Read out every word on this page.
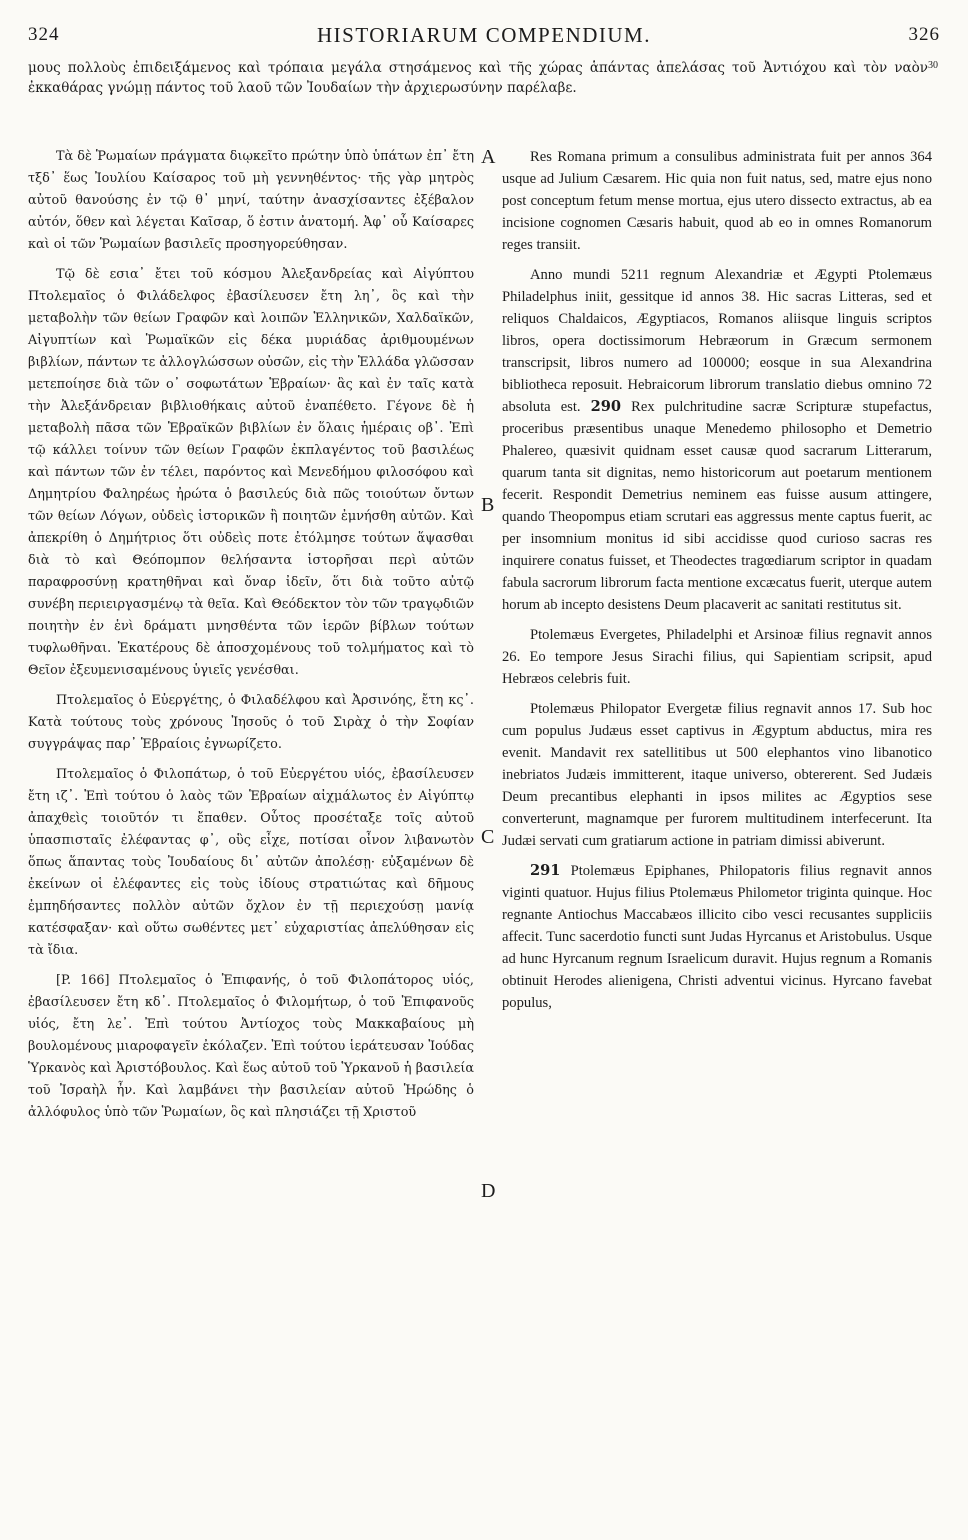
324	HISTORIARUM COMPENDIUM.	326
μους πολλοὺς ἐπιδειξάμενος καὶ τρόπαια μεγάλα στησάμενος καὶ τῆς χώρας ἁπάντας ἀπελάσας τοῦ Ἀντιόχου καὶ τὸν ναὸν ἐκκαθάρας γνώμῃ πάντος τοῦ λαοῦ τῶν Ἰουδαίων τὴν ἀρχιερωσύνην παρέλαβε.
30
A
B
C
D

Τὰ δὲ Ῥωμαίων πράγματα διῳκεῖτο πρώτην ὑπὸ ὑπάτων ἐπ᾽ ἔτη τξδ᾽ ἕως Ἰουλίου Καίσαρος τοῦ μὴ γεννηθέντος· τῆς γὰρ μητρὸς αὐτοῦ θανούσης ἐν τῷ θ᾽ μηνί, ταύτην ἀνασχίσαντες ἐξέβαλον αὐτόν, ὅθεν καὶ λέγεται Καῖσαρ, ὅ ἐστιν ἀνατομή. Ἀφ᾽ οὗ Καίσαρες καὶ οἱ τῶν Ῥωμαίων βασιλεῖς προσηγορεύθησαν.

Τῷ δὲ εσια᾽ ἔτει τοῦ κόσμου Ἀλεξανδρείας καὶ Αἰγύπτου Πτολεμαῖος ὁ Φιλάδελφος ἐβασίλευσεν ἔτη λη᾽, ὃς καὶ τὴν μεταβολὴν τῶν θείων Γραφῶν καὶ λοιπῶν Ἑλληνικῶν, Χαλδαϊκῶν, Αἰγυπτίων καὶ Ῥωμαϊκῶν εἰς δέκα μυριάδας ἀριθμουμένων βιβλίων, πάντων τε ἀλλογλώσσων οὐσῶν, εἰς τὴν Ἑλλάδα γλῶσσαν μετεποίησε διὰ τῶν ο᾽ σοφωτάτων Ἑβραίων· ἃς καὶ ἐν ταῖς κατὰ τὴν Ἀλεξάνδρειαν βιβλιοθήκαις αὐτοῦ ἐναπέθετο. Γέγονε δὲ ἡ μεταβολὴ πᾶσα τῶν Ἑβραϊκῶν βιβλίων ἐν ὅλαις ἡμέραις οβ᾽. Ἐπὶ τῷ κάλλει τοίνυν τῶν θείων Γραφῶν ἐκπλαγέντος τοῦ βασιλέως καὶ πάντων τῶν ἐν τέλει, παρόντος καὶ Μενεδήμου φιλοσόφου καὶ Δημητρίου Φαληρέως ἠρώτα ὁ βασιλεύς διὰ πῶς τοιούτων ὄντων τῶν θείων Λόγων, οὐδεὶς ἱστορικῶν ἢ ποιητῶν ἐμνήσθη αὐτῶν. Καὶ ἀπεκρίθη ὁ Δημήτριος ὅτι οὐδεὶς ποτε ἐτόλμησε τούτων ἅψασθαι διὰ τὸ καὶ Θεόπομπον θελήσαντα ἱστορῆσαι περὶ αὐτῶν παραφροσύνῃ κρατηθῆναι καὶ ὄναρ ἰδεῖν, ὅτι διὰ τοῦτο αὐτῷ συνέβη περιειργασμένῳ τὰ θεῖα. Καὶ Θεόδεκτον τὸν τῶν τραγῳδιῶν ποιητὴν ἐν ἑνὶ δράματι μνησθέντα τῶν ἱερῶν βίβλων τούτων τυφλωθῆναι. Ἑκατέρους δὲ ἀποσχομένους τοῦ τολμήματος καὶ τὸ Θεῖον ἐξευμενισαμένους ὑγιεῖς γενέσθαι.

Πτολεμαῖος ὁ Εὐεργέτης, ὁ Φιλαδέλφου καὶ Ἀρσινόης, ἔτη κς᾽. Κατὰ τούτους τοὺς χρόνους Ἰησοῦς ὁ τοῦ Σιρὰχ ὁ τὴν Σοφίαν συγγράψας παρ᾽ Ἑβραίοις ἐγνωρίζετο.

Πτολεμαῖος ὁ Φιλοπάτωρ, ὁ τοῦ Εὐεργέτου υἱός, ἐβασίλευσεν ἔτη ιζ᾽. Ἐπὶ τούτου ὁ λαὸς τῶν Ἑβραίων αἰχμάλωτος ἐν Αἰγύπτῳ ἀπαχθεὶς τοιοῦτόν τι ἔπαθεν. Οὗτος προσέταξε τοῖς αὐτοῦ ὑπασπισταῖς ἐλέφαντας φ᾽, οὓς εἶχε, ποτίσαι οἶνον λιβανωτὸν ὅπως ἅπαντας τοὺς Ἰουδαίους δι᾽ αὐτῶν ἀπολέσῃ· εὐξαμένων δὲ ἐκείνων οἱ ἐλέφαντες εἰς τοὺς ἰδίους στρατιώτας καὶ δῆμους ἐμπηδήσαντες πολλὸν αὐτῶν ὄχλον ἐν τῇ περιεχούσῃ μανίᾳ κατέσφαξαν· καὶ οὕτω σωθέντες μετ᾽ εὐχαριστίας ἀπελύθησαν εἰς τὰ ἴδια.

[P. 166] Πτολεμαῖος ὁ Ἐπιφανής, ὁ τοῦ Φιλοπάτορος υἱός, ἐβασίλευσεν ἔτη κδ᾽. Πτολεμαῖος ὁ Φιλομήτωρ, ὁ τοῦ Ἐπιφανοῦς υἱός, ἔτη λε᾽. Ἐπὶ τούτου Ἀντίοχος τοὺς Μακκαβαίους μὴ βουλομένους μιαροφαγεῖν ἐκόλαζεν. Ἐπὶ τούτου ἱεράτευσαν Ἰούδας Ὑρκανὸς καὶ Ἀριστόβουλος. Καὶ ἕως αὐτοῦ τοῦ Ὑρκανοῦ ἡ βασιλεία τοῦ Ἰσραὴλ ἦν. Καὶ λαμβάνει τὴν βασιλείαν αὐτοῦ Ἡρώδης ὁ ἀλλόφυλος ὑπὸ τῶν Ῥωμαίων, ὃς καὶ πλησιάζει τῇ Χριστοῦ

Res Romana primum a consulibus administrata fuit per annos 364 usque ad Julium Cæsarem. Hic quia non fuit natus, sed, matre ejus nono post conceptum fetum mense mortua, ejus utero dissecto extractus, ab ea incisione cognomen Cæsaris habuit, quod ab eo in omnes Romanorum reges transiit.

Anno mundi 5211 regnum Alexandriæ et Ægypti Ptolemæus Philadelphus iniit, gessitque id annos 38. Hic sacras Litteras, sed et reliquos Chaldaicos, Ægyptiacos, Romanos aliisque linguis scriptos libros, opera doctissimorum Hebræorum in Græcum sermonem transcripsit, libros numero ad 100000; eosque in sua Alexandrina bibliotheca reposuit. Hebraicorum librorum translatio diebus omnino 72 absoluta est. 290 Rex pulchritudine sacræ Scripturæ stupefactus, proceribus præsentibus unaque Menedemo philosopho et Demetrio Phalereo, quæsivit quidnam esset causæ quod sacrarum Litterarum, quarum tanta sit dignitas, nemo historicorum aut poetarum mentionem fecerit. Respondit Demetrius neminem eas fuisse ausum attingere, quando Theopompus etiam scrutari eas aggressus mente captus fuerit, ac per insomnium monitus id sibi accidisse quod curioso sacras res inquirere conatus fuisset, et Theodectes tragœdiarum scriptor in quadam fabula sacrorum librorum facta mentione excæcatus fuerit, uterque autem horum ab incepto desistens Deum placaverit ac sanitati restitutus sit.

Ptolemæus Evergetes, Philadelphi et Arsinoæ filius regnavit annos 26. Eo tempore Jesus Sirachi filius, qui Sapientiam scripsit, apud Hebræos celebris fuit.

Ptolemæus Philopator Evergetæ filius regnavit annos 17. Sub hoc cum populus Judæus esset captivus in Ægyptum abductus, mira res evenit. Mandavit rex satellitibus ut 500 elephantos vino libanotico inebriatos Judæis immitterent, itaque universo, obtererent. Sed Judæis Deum precantibus elephanti in ipsos milites ac Ægyptios sese converterunt, magnamque per furorem multitudinem interfecerunt. Ita Judæi servati cum gratiarum actione in patriam dimissi abiverunt.

291 Ptolemæus Epiphanes, Philopatoris filius regnavit annos viginti quatuor. Hujus filius Ptolemæus Philometor triginta quinque. Hoc regnante Antiochus Maccabæos illicito cibo vesci recusantes suppliciis affecit. Tunc sacerdotio functi sunt Judas Hyrcanus et Aristobulus. Usque ad hunc Hyrcanum regnum Israelicum duravit. Hujus regnum a Romanis obtinuit Herodes alienigena, Christi adventui vicinus. Hyrcano favebat populus,
